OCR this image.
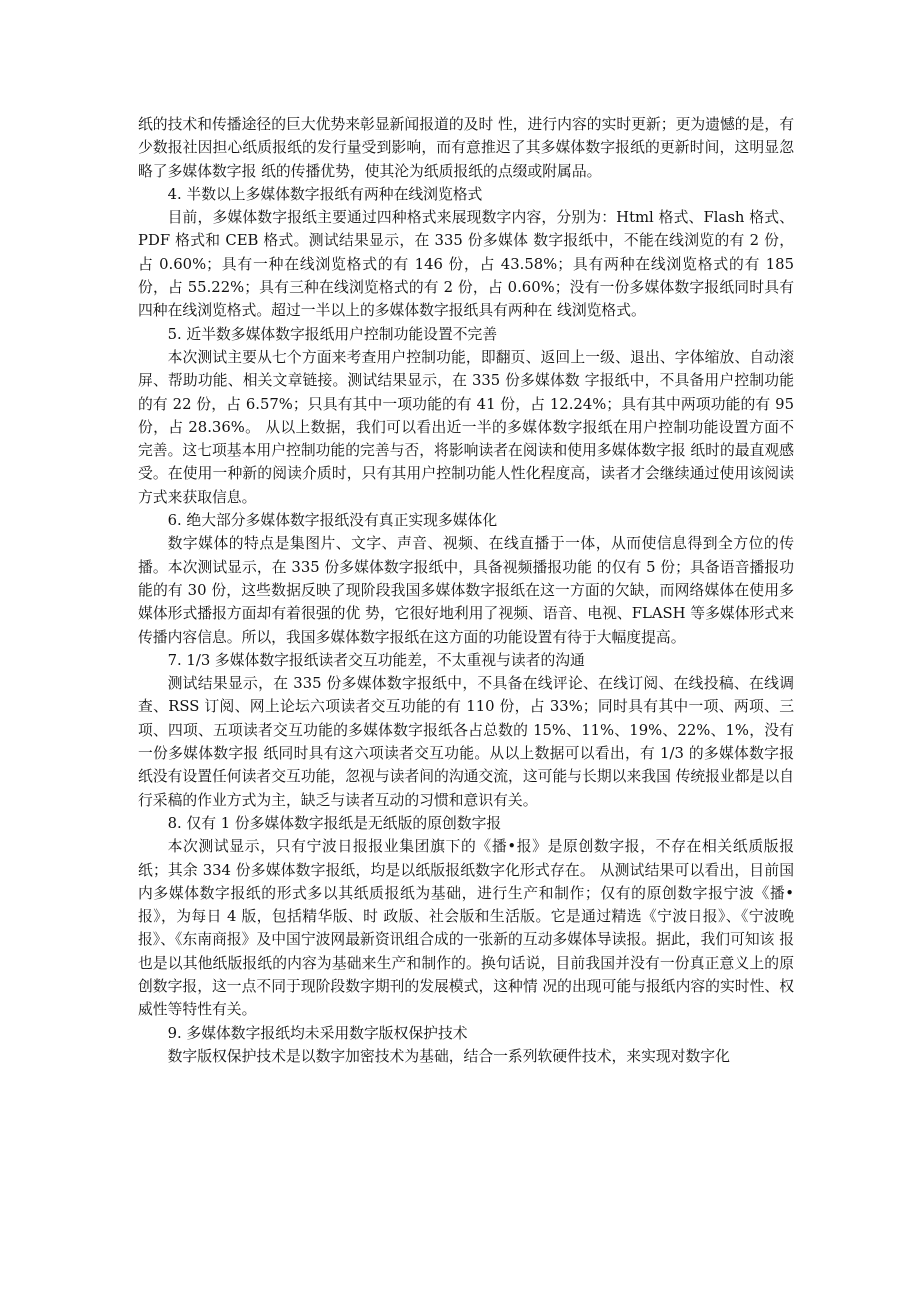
纸的技术和传播途径的巨大优势来彰显新闻报道的及时 性，进行内容的实时更新；更为遗憾的是，有少数报社因担心纸质报纸的发行量受到影响，而有意推迟了其多媒体数字报纸的更新时间，这明显忽略了多媒体数字报 纸的传播优势，使其沦为纸质报纸的点缀或附属品。

4. 半数以上多媒体数字报纸有两种在线浏览格式

目前，多媒体数字报纸主要通过四种格式来展现数字内容，分别为：Html 格式、Flash 格式、PDF 格式和 CEB 格式。测试结果显示，在 335 份多媒体 数字报纸中，不能在线浏览的有 2 份，占 0.60%；具有一种在线浏览格式的有 146 份，占 43.58%；具有两种在线浏览格式的有 185 份，占 55.22%；具有三种在线浏览格式的有 2 份，占 0.60%；没有一份多媒体数字报纸同时具有四种在线浏览格式。超过一半以上的多媒体数字报纸具有两种在 线浏览格式。

5. 近半数多媒体数字报纸用户控制功能设置不完善

本次测试主要从七个方面来考查用户控制功能，即翻页、返回上一级、退出、字体缩放、自动滚屏、帮助功能、相关文章链接。测试结果显示，在 335 份多媒体数 字报纸中，不具备用户控制功能的有 22 份，占 6.57%；只具有其中一项功能的有 41 份，占 12.24%；具有其中两项功能的有 95 份，占 28.36%。 从以上数据，我们可以看出近一半的多媒体数字报纸在用户控制功能设置方面不完善。这七项基本用户控制功能的完善与否，将影响读者在阅读和使用多媒体数字报 纸时的最直观感受。在使用一种新的阅读介质时，只有其用户控制功能人性化程度高，读者才会继续通过使用该阅读方式来获取信息。

6. 绝大部分多媒体数字报纸没有真正实现多媒体化

数字媒体的特点是集图片、文字、声音、视频、在线直播于一体，从而使信息得到全方位的传播。本次测试显示，在 335 份多媒体数字报纸中，具备视频播报功能 的仅有 5 份；具备语音播报功能的有 30 份，这些数据反映了现阶段我国多媒体数字报纸在这一方面的欠缺，而网络媒体在使用多媒体形式播报方面却有着很强的优 势，它很好地利用了视频、语音、电视、FLASH 等多媒体形式来传播内容信息。所以，我国多媒体数字报纸在这方面的功能设置有待于大幅度提高。

7. 1/3 多媒体数字报纸读者交互功能差，不太重视与读者的沟通

测试结果显示，在 335 份多媒体数字报纸中，不具备在线评论、在线订阅、在线投稿、在线调查、RSS 订阅、网上论坛六项读者交互功能的有 110 份，占 33%；同时具有其中一项、两项、三项、四项、五项读者交互功能的多媒体数字报纸各占总数的 15%、11%、19%、22%、1%，没有一份多媒体数字报 纸同时具有这六项读者交互功能。从以上数据可以看出，有 1/3 的多媒体数字报纸没有设置任何读者交互功能，忽视与读者间的沟通交流，这可能与长期以来我国 传统报业都是以自行采稿的作业方式为主，缺乏与读者互动的习惯和意识有关。

8. 仅有 1 份多媒体数字报纸是无纸版的原创数字报

本次测试显示，只有宁波日报报业集团旗下的《播•报》是原创数字报，不存在相关纸质版报纸；其余 334 份多媒体数字报纸，均是以纸版报纸数字化形式存在。 从测试结果可以看出，目前国内多媒体数字报纸的形式多以其纸质报纸为基础，进行生产和制作；仅有的原创数字报宁波《播•报》，为每日 4 版，包括精华版、时 政版、社会版和生活版。它是通过精选《宁波日报》、《宁波晚报》、《东南商报》及中国宁波网最新资讯组合成的一张新的互动多媒体导读报。据此，我们可知该 报也是以其他纸版报纸的内容为基础来生产和制作的。换句话说，目前我国并没有一份真正意义上的原创数字报，这一点不同于现阶段数字期刊的发展模式，这种情 况的出现可能与报纸内容的实时性、权威性等特性有关。

9. 多媒体数字报纸均未采用数字版权保护技术

数字版权保护技术是以数字加密技术为基础，结合一系列软硬件技术，来实现对数字化
